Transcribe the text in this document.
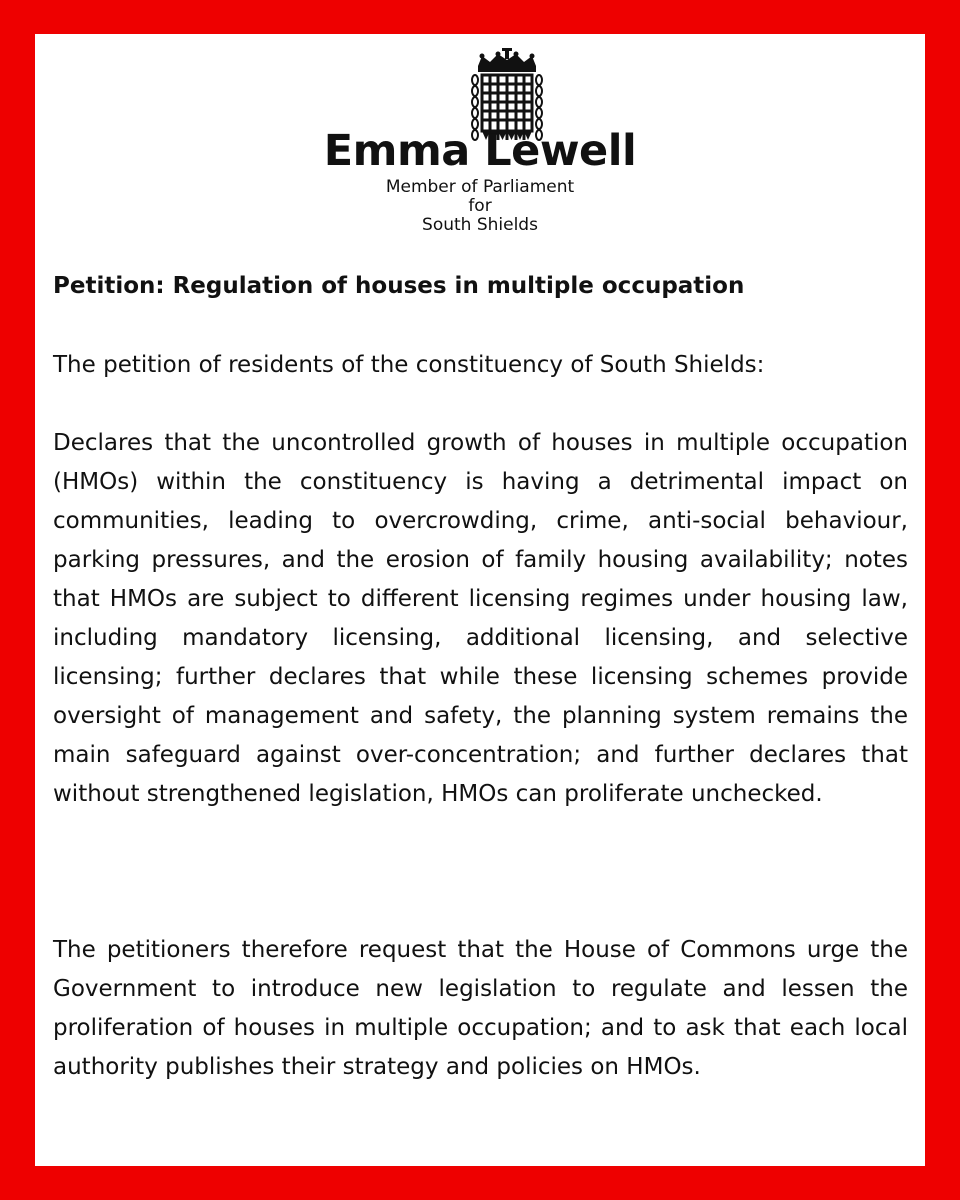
Emma Lewell
Member of Parliament
for
South Shields
Petition: Regulation of houses in multiple occupation

The petition of residents of the constituency of South Shields:

Declares that the uncontrolled growth of houses in multiple occupation (HMOs) within the constituency is having a detrimental impact on communities, leading to overcrowding, crime, anti-social behaviour, parking pressures, and the erosion of family housing availability; notes that HMOs are subject to different licensing regimes under housing law, including mandatory licensing, additional licensing, and selective licensing; further declares that while these licensing schemes provide oversight of management and safety, the planning system remains the main safeguard against over-concentration; and further declares that without strengthened legislation, HMOs can proliferate unchecked.

The petitioners therefore request that the House of Commons urge the Government to introduce new legislation to regulate and lessen the proliferation of houses in multiple occupation; and to ask that each local authority publishes their strategy and policies on HMOs.
